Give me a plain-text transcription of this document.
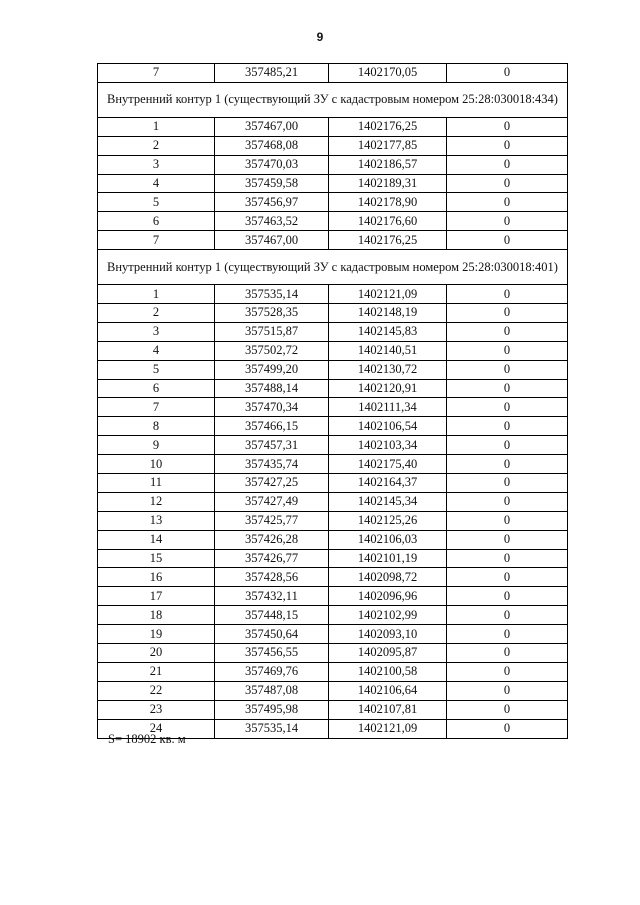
9
7	357485,21	1402170,05	0
Внутренний контур 1 (существующий ЗУ с кадастровым номером 25:28:030018:434)			
1	357467,00	1402176,25	0
2	357468,08	1402177,85	0
3	357470,03	1402186,57	0
4	357459,58	1402189,31	0
5	357456,97	1402178,90	0
6	357463,52	1402176,60	0
7	357467,00	1402176,25	0
Внутренний контур 1 (существующий ЗУ с кадастровым номером 25:28:030018:401)			
1	357535,14	1402121,09	0
2	357528,35	1402148,19	0
3	357515,87	1402145,83	0
4	357502,72	1402140,51	0
5	357499,20	1402130,72	0
6	357488,14	1402120,91	0
7	357470,34	1402111,34	0
8	357466,15	1402106,54	0
9	357457,31	1402103,34	0
10	357435,74	1402175,40	0
11	357427,25	1402164,37	0
12	357427,49	1402145,34	0
13	357425,77	1402125,26	0
14	357426,28	1402106,03	0
15	357426,77	1402101,19	0
16	357428,56	1402098,72	0
17	357432,11	1402096,96	0
18	357448,15	1402102,99	0
19	357450,64	1402093,10	0
20	357456,55	1402095,87	0
21	357469,76	1402100,58	0
22	357487,08	1402106,64	0
23	357495,98	1402107,81	0
24	357535,14	1402121,09	0
S= 18902 кв. м
